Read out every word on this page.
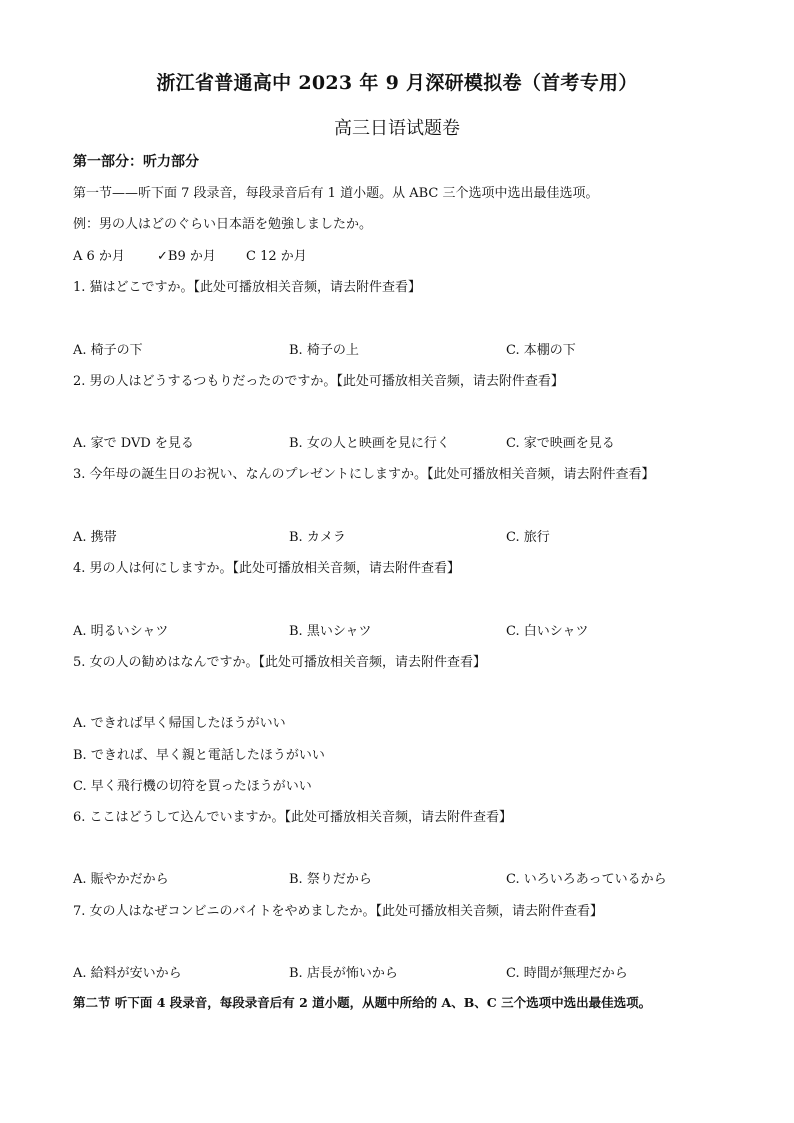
浙江省普通高中 2023 年 9 月深研模拟卷（首考专用）
高三日语试题卷
第一部分：听力部分
第一节——听下面 7 段录音，每段录音后有 1 道小题。从 ABC 三个选项中选出最佳选项。
例：男の人はどのぐらい日本語を勉強しましたか。
A 6 か月 ✓B9 か月 C 12 か月
1. 猫はどこですか。【此处可播放相关音频，请去附件查看】
A. 椅子の下	B. 椅子の上	C. 本棚の下
2. 男の人はどうするつもりだったのですか。【此处可播放相关音频，请去附件查看】
A. 家で DVD を見る	B. 女の人と映画を見に行く	C. 家で映画を見る
3. 今年母の誕生日のお祝い、なんのプレゼントにしますか。【此处可播放相关音频，请去附件查看】
A. 携帯	B. カメラ	C. 旅行
4. 男の人は何にしますか。【此处可播放相关音频，请去附件查看】
A. 明るいシャツ	B. 黒いシャツ	C. 白いシャツ
5. 女の人の勧めはなんですか。【此处可播放相关音频，请去附件查看】
A. できれば早く帰国したほうがいい
B. できれば、早く親と電話したほうがいい
C. 早く飛行機の切符を買ったほうがいい
6. ここはどうして込んでいますか。【此处可播放相关音频，请去附件查看】
A. 賑やかだから	B. 祭りだから	C. いろいろあっているから
7. 女の人はなぜコンビニのバイトをやめましたか。【此处可播放相关音频，请去附件查看】
A. 給料が安いから	B. 店長が怖いから	C. 時間が無理だから
第二节 听下面 4 段录音，每段录音后有 2 道小题，从题中所给的 A、B、C 三个选项中选出最佳选项。
